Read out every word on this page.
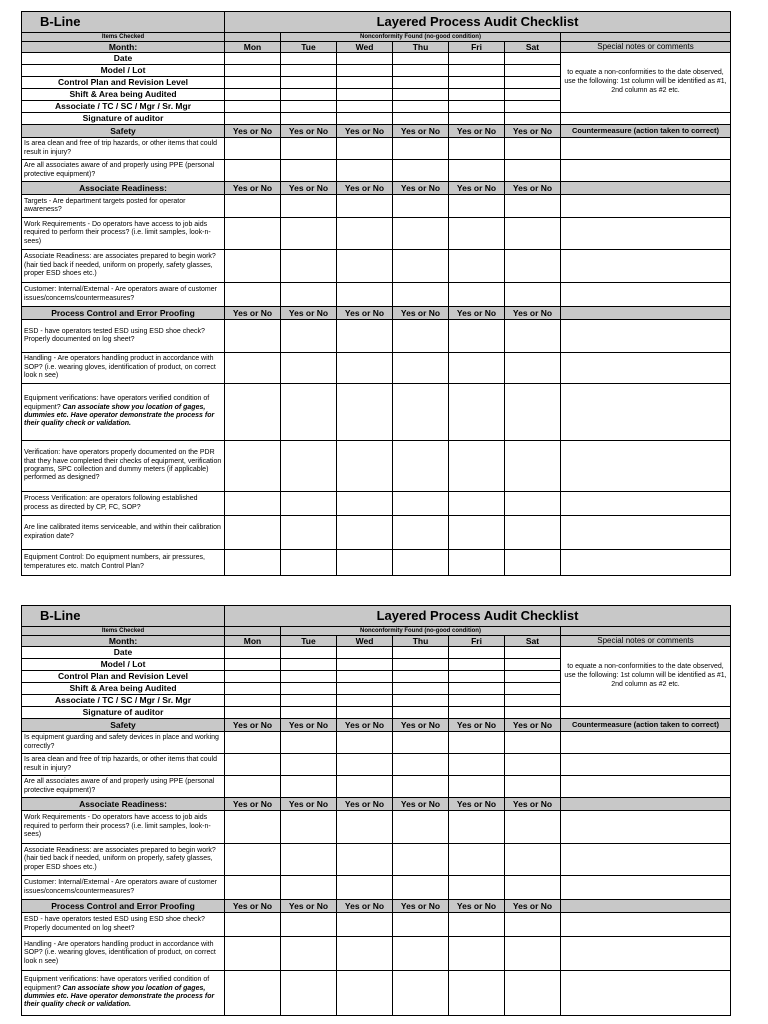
B-Line	Layered Process Audit Checklist						
Items Checked		Nonconformity Found (no-good condition)					
Month:	Mon	Tue	Wed	Thu	Fri	Sat	Special notes or comments
Date							to equate a non-conformities to the date observed, use the following: 1st column will be identified as #1, 2nd column as #2 etc.
Model / Lot							
Control Plan and Revision Level							
Shift & Area being Audited							
Associate / TC / SC / Mgr / Sr. Mgr							
Signature of auditor							
Safety	Yes or No	Yes or No	Yes or No	Yes or No	Yes or No	Yes or No	Countermeasure (action taken to correct)
Is area clean and free of trip hazards, or other items that could result in injury?							
Are all associates aware of and properly using PPE (personal protective equipment)?							
Associate Readiness:	Yes or No	Yes or No	Yes or No	Yes or No	Yes or No	Yes or No	
Targets - Are department targets posted for operator awareness?							
Work Requirements - Do operators have access to job aids required to perform their process? (i.e. limit samples, look-n-sees)							
Associate Readiness: are associates prepared to begin work? (hair tied back if needed, uniform on properly, safety glasses, proper ESD shoes etc.)							
Customer: Internal/External - Are operators aware of customer issues/concerns/countermeasures?							
Process Control and Error Proofing	Yes or No	Yes or No	Yes or No	Yes or No	Yes or No	Yes or No	
ESD - have operators tested ESD using ESD shoe check? Properly documented on log sheet?							
Handling - Are operators handling product in accordance with SOP? (i.e. wearing gloves, identification of product, on correct look n see)							
Equipment verifications: have operators verified condition of equipment? Can associate show you location of gages, dummies etc. Have operator demonstrate the process for their quality check or validation.							
Verification: have operators properly documented on the PDR that they have completed their checks of equipment, verification programs, SPC collection and dummy meters (if applicable) performed as designed?							
Process Verification: are operators following established process as directed by CP, FC, SOP?							
Are line calibrated items serviceable, and within their calibration expiration date?							
Equipment Control: Do equipment numbers, air pressures, temperatures etc. match Control Plan?							
B-Line	Layered Process Audit Checklist						
Items Checked		Nonconformity Found (no-good condition)					
Month:	Mon	Tue	Wed	Thu	Fri	Sat	Special notes or comments
Date							to equate a non-conformities to the date observed, use the following: 1st column will be identified as #1, 2nd column as #2 etc.
Model / Lot							
Control Plan and Revision Level							
Shift & Area being Audited							
Associate / TC / SC / Mgr / Sr. Mgr							
Signature of auditor							
Safety	Yes or No	Yes or No	Yes or No	Yes or No	Yes or No	Yes or No	Countermeasure (action taken to correct)
Is equipment guarding and safety devices in place and working correctly?							
Is area clean and free of trip hazards, or other items that could result in injury?							
Are all associates aware of and properly using PPE (personal protective equipment)?							
Associate Readiness:	Yes or No	Yes or No	Yes or No	Yes or No	Yes or No	Yes or No	
Work Requirements - Do operators have access to job aids required to perform their process? (i.e. limit samples, look-n-sees)							
Associate Readiness: are associates prepared to begin work? (hair tied back if needed, uniform on properly, safety glasses, proper ESD shoes etc.)							
Customer: Internal/External - Are operators aware of customer issues/concerns/countermeasures?							
Process Control and Error Proofing	Yes or No	Yes or No	Yes or No	Yes or No	Yes or No	Yes or No	
ESD - have operators tested ESD using ESD shoe check? Properly documented on log sheet?							
Handling - Are operators handling product in accordance with SOP? (i.e. wearing gloves, identification of product, on correct look n see)							
Equipment verifications: have operators verified condition of equipment? Can associate show you location of gages, dummies etc. Have operator demonstrate the process for their quality check or validation.							
